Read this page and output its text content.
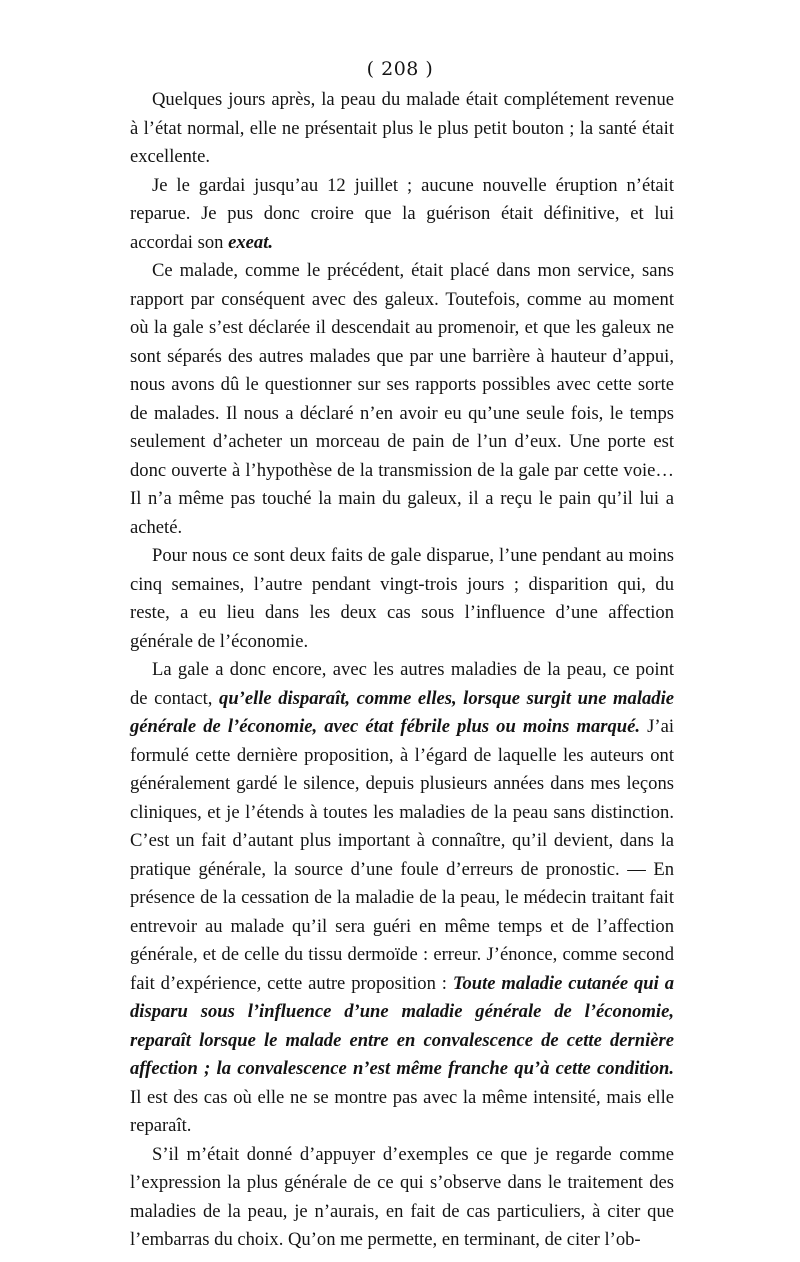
( 208 )

Quelques jours après, la peau du malade était complétement revenue à l’état normal, elle ne présentait plus le plus petit bouton ; la santé était excellente.

Je le gardai jusqu’au 12 juillet ; aucune nouvelle éruption n’était reparue. Je pus donc croire que la guérison était définitive, et lui accordai son exeat.

Ce malade, comme le précédent, était placé dans mon service, sans rapport par conséquent avec des galeux. Toutefois, comme au moment où la gale s’est déclarée il descendait au promenoir, et que les galeux ne sont séparés des autres malades que par une barrière à hauteur d’appui, nous avons dû le questionner sur ses rapports possibles avec cette sorte de malades. Il nous a déclaré n’en avoir eu qu’une seule fois, le temps seulement d’acheter un morceau de pain de l’un d’eux. Une porte est donc ouverte à l’hypothèse de la transmission de la gale par cette voie… Il n’a même pas touché la main du galeux, il a reçu le pain qu’il lui a acheté.

Pour nous ce sont deux faits de gale disparue, l’une pendant au moins cinq semaines, l’autre pendant vingt-trois jours ; disparition qui, du reste, a eu lieu dans les deux cas sous l’influence d’une affection générale de l’économie.

La gale a donc encore, avec les autres maladies de la peau, ce point de contact, qu’elle disparaît, comme elles, lorsque surgit une maladie générale de l’économie, avec état fébrile plus ou moins marqué. J’ai formulé cette dernière proposition, à l’égard de laquelle les auteurs ont généralement gardé le silence, depuis plusieurs années dans mes leçons cliniques, et je l’étends à toutes les maladies de la peau sans distinction. C’est un fait d’autant plus important à connaître, qu’il devient, dans la pratique générale, la source d’une foule d’erreurs de pronostic. — En présence de la cessation de la maladie de la peau, le médecin traitant fait entrevoir au malade qu’il sera guéri en même temps et de l’affection générale, et de celle du tissu dermoïde : erreur. J’énonce, comme second fait d’expérience, cette autre proposition : Toute maladie cutanée qui a disparu sous l’influence d’une maladie générale de l’économie, reparaît lorsque le malade entre en convalescence de cette dernière affection ; la convalescence n’est même franche qu’à cette condition. Il est des cas où elle ne se montre pas avec la même intensité, mais elle reparaît.

S’il m’était donné d’appuyer d’exemples ce que je regarde comme l’expression la plus générale de ce qui s’observe dans le traitement des maladies de la peau, je n’aurais, en fait de cas particuliers, à citer que l’embarras du choix. Qu’on me permette, en terminant, de citer l’ob-
